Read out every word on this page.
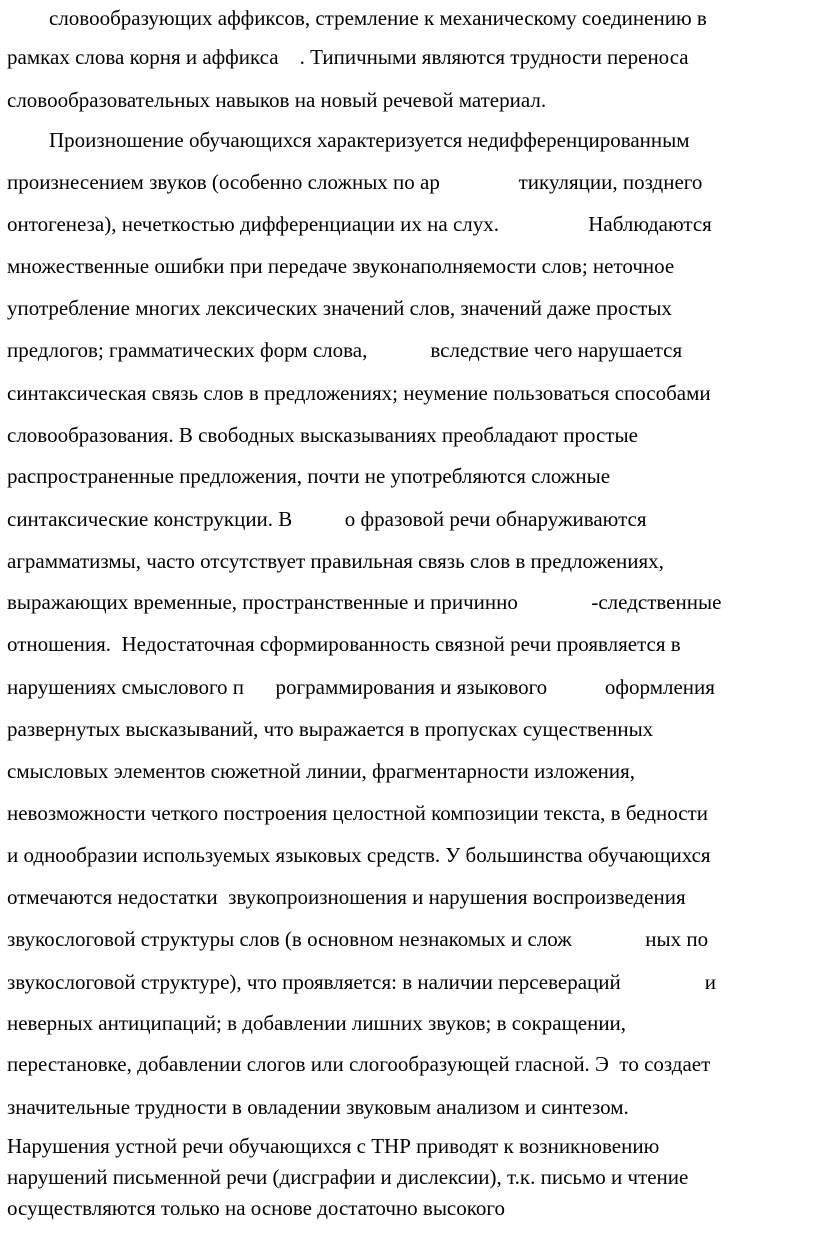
словообразующих аффиксов, стремление к механическому соединению в
рамках слова корня и аффикса    . Типичными являются трудности переноса
словообразовательных навыков на новый речевой материал.
Произношение обучающихся характеризуется недифференцированным
произнесением звуков (особенно сложных по ар               тикуляции, позднего
онтогенеза), нечеткостью дифференциации их на слух.                 Наблюдаются
множественные ошибки при передаче звуконаполняемости слов; неточное
употребление многих лексических значений слов, значений даже простых
предлогов; грамматических форм слова,            вследствие чего нарушается
синтаксическая связь слов в предложениях; неумение пользоваться способами
словообразования. В свободных высказываниях преобладают простые
распространенные предложения, почти не употребляются сложные
синтаксические конструкции. В          о фразовой речи обнаруживаются
аграмматизмы, часто отсутствует правильная связь слов в предложениях,
выражающих временные, пространственные и причинно              -следственные
отношения.  Недостаточная сформированность связной речи проявляется в
нарушениях смыслового п      рограммирования и языкового           оформления
развернутых высказываний, что выражается в пропусках существенных
смысловых элементов сюжетной линии, фрагментарности изложения,
невозможности четкого построения целостной композиции текста, в бедности
и однообразии используемых языковых средств. У большинства обучающихся
отмечаются недостатки  звукопроизношения и нарушения воспроизведения
звукослоговой структуры слов (в основном незнакомых и слож              ных по
звукослоговой структуре), что проявляется: в наличии персевераций                и
неверных антиципаций; в добавлении лишних звуков; в сокращении,
перестановке, добавлении слогов или слогообразующей гласной. Э  то создает
значительные трудности в овладении звуковым анализом и синтезом.
Нарушения устной речи обучающихся с ТНР приводят к возникновению
нарушений письменной речи (дисграфии и дислексии), т.к. письмо и чтение
осуществляются только на основе достаточно высокого
